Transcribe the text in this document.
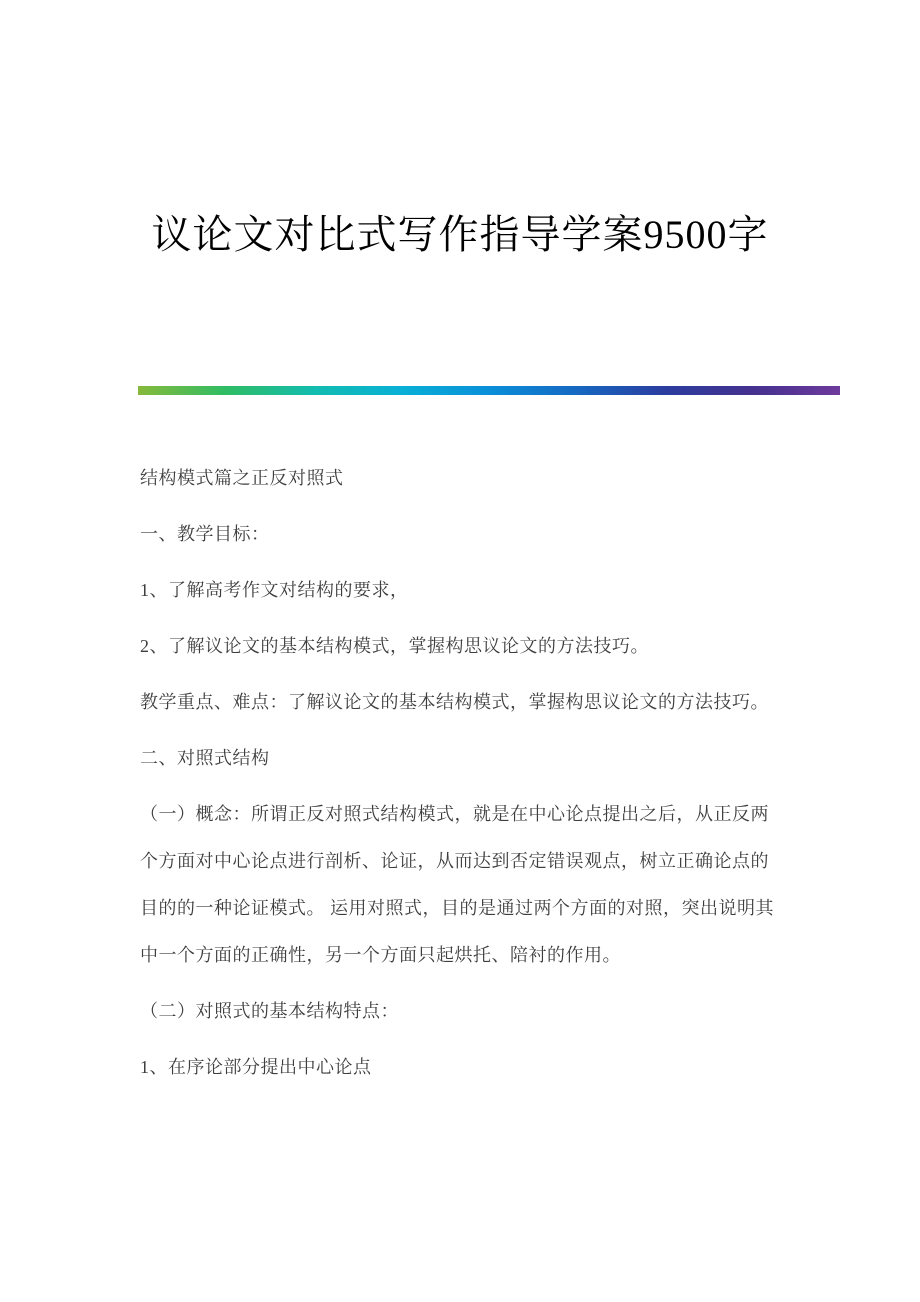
议论文对比式写作指导学案9500字
结构模式篇之正反对照式
一、教学目标：
1、了解高考作文对结构的要求，
2、了解议论文的基本结构模式，掌握构思议论文的方法技巧。
教学重点、难点：了解议论文的基本结构模式，掌握构思议论文的方法技巧。
二、对照式结构
（一）概念：所谓正反对照式结构模式，就是在中心论点提出之后，从正反两
个方面对中心论点进行剖析、论证，从而达到否定错误观点，树立正确论点的
目的的一种论证模式。 运用对照式，目的是通过两个方面的对照，突出说明其
中一个方面的正确性，另一个方面只起烘托、陪衬的作用。
（二）对照式的基本结构特点：
1、在序论部分提出中心论点
